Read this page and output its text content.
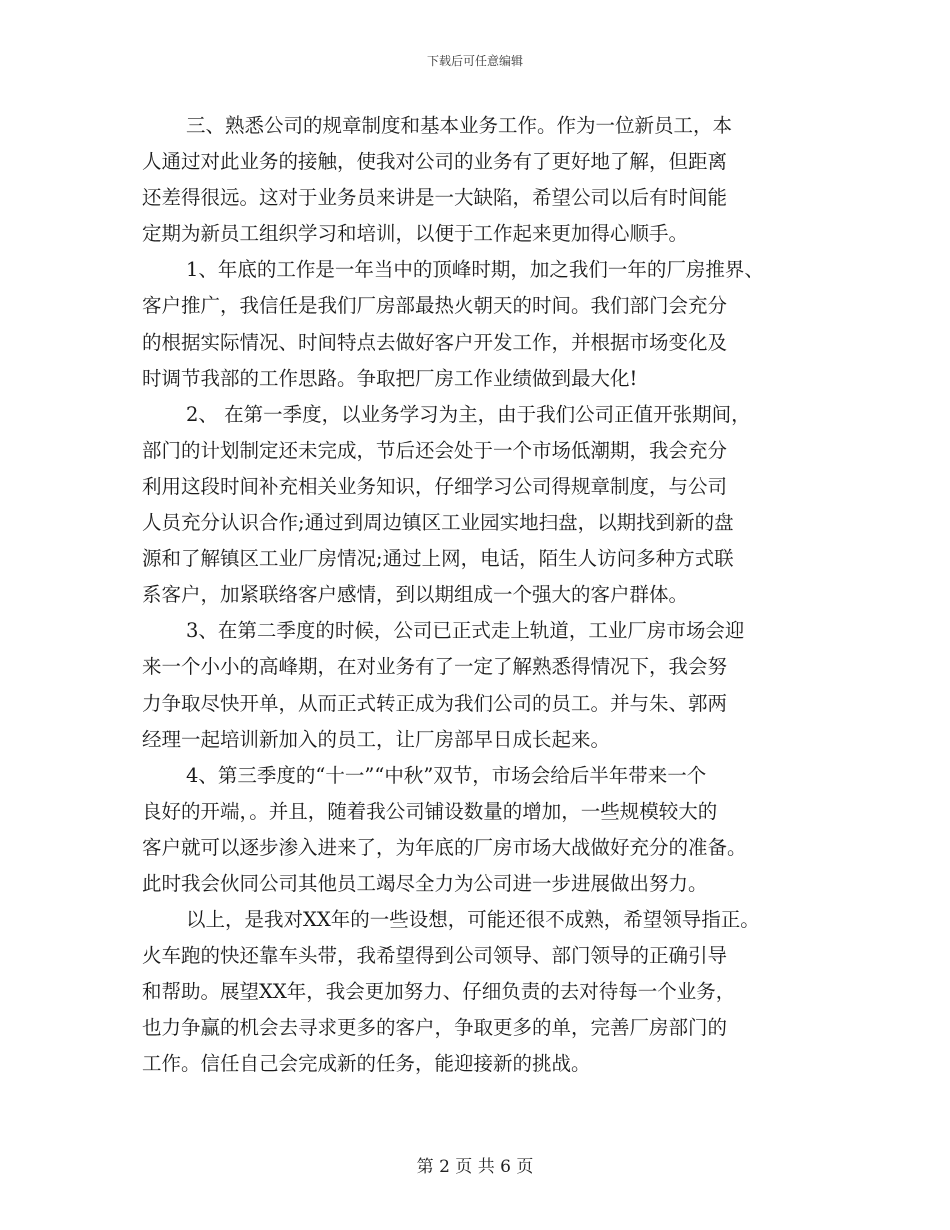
下载后可任意编辑
三、熟悉公司的规章制度和基本业务工作。作为一位新员工，本
人通过对此业务的接触，使我对公司的业务有了更好地了解，但距离
还差得很远。这对于业务员来讲是一大缺陷，希望公司以后有时间能
定期为新员工组织学习和培训，以便于工作起来更加得心顺手。
1、年底的工作是一年当中的顶峰时期，加之我们一年的厂房推界、
客户推广，我信任是我们厂房部最热火朝天的时间。我们部门会充分
的根据实际情况、时间特点去做好客户开发工作，并根据市场变化及
时调节我部的工作思路。争取把厂房工作业绩做到最大化!
2、 在第一季度，以业务学习为主，由于我们公司正值开张期间，
部门的计划制定还未完成，节后还会处于一个市场低潮期，我会充分
利用这段时间补充相关业务知识，仔细学习公司得规章制度，与公司
人员充分认识合作;通过到周边镇区工业园实地扫盘，以期找到新的盘
源和了解镇区工业厂房情况;通过上网，电话，陌生人访问多种方式联
系客户，加紧联络客户感情，到以期组成一个强大的客户群体。
3、在第二季度的时候，公司已正式走上轨道，工业厂房市场会迎
来一个小小的高峰期，在对业务有了一定了解熟悉得情况下，我会努
力争取尽快开单，从而正式转正成为我们公司的员工。并与朱、郭两
经理一起培训新加入的员工，让厂房部早日成长起来。
4、第三季度的“十一”“中秋”双节，市场会给后半年带来一个
良好的开端，。并且，随着我公司铺设数量的增加，一些规模较大的
客户就可以逐步渗入进来了，为年底的厂房市场大战做好充分的准备。
此时我会伙同公司其他员工竭尽全力为公司进一步进展做出努力。
以上，是我对XX年的一些设想，可能还很不成熟，希望领导指正。
火车跑的快还靠车头带，我希望得到公司领导、部门领导的正确引导
和帮助。展望XX年，我会更加努力、仔细负责的去对待每一个业务，
也力争赢的机会去寻求更多的客户，争取更多的单，完善厂房部门的
工作。信任自己会完成新的任务，能迎接新的挑战。
第 2 页 共 6 页
